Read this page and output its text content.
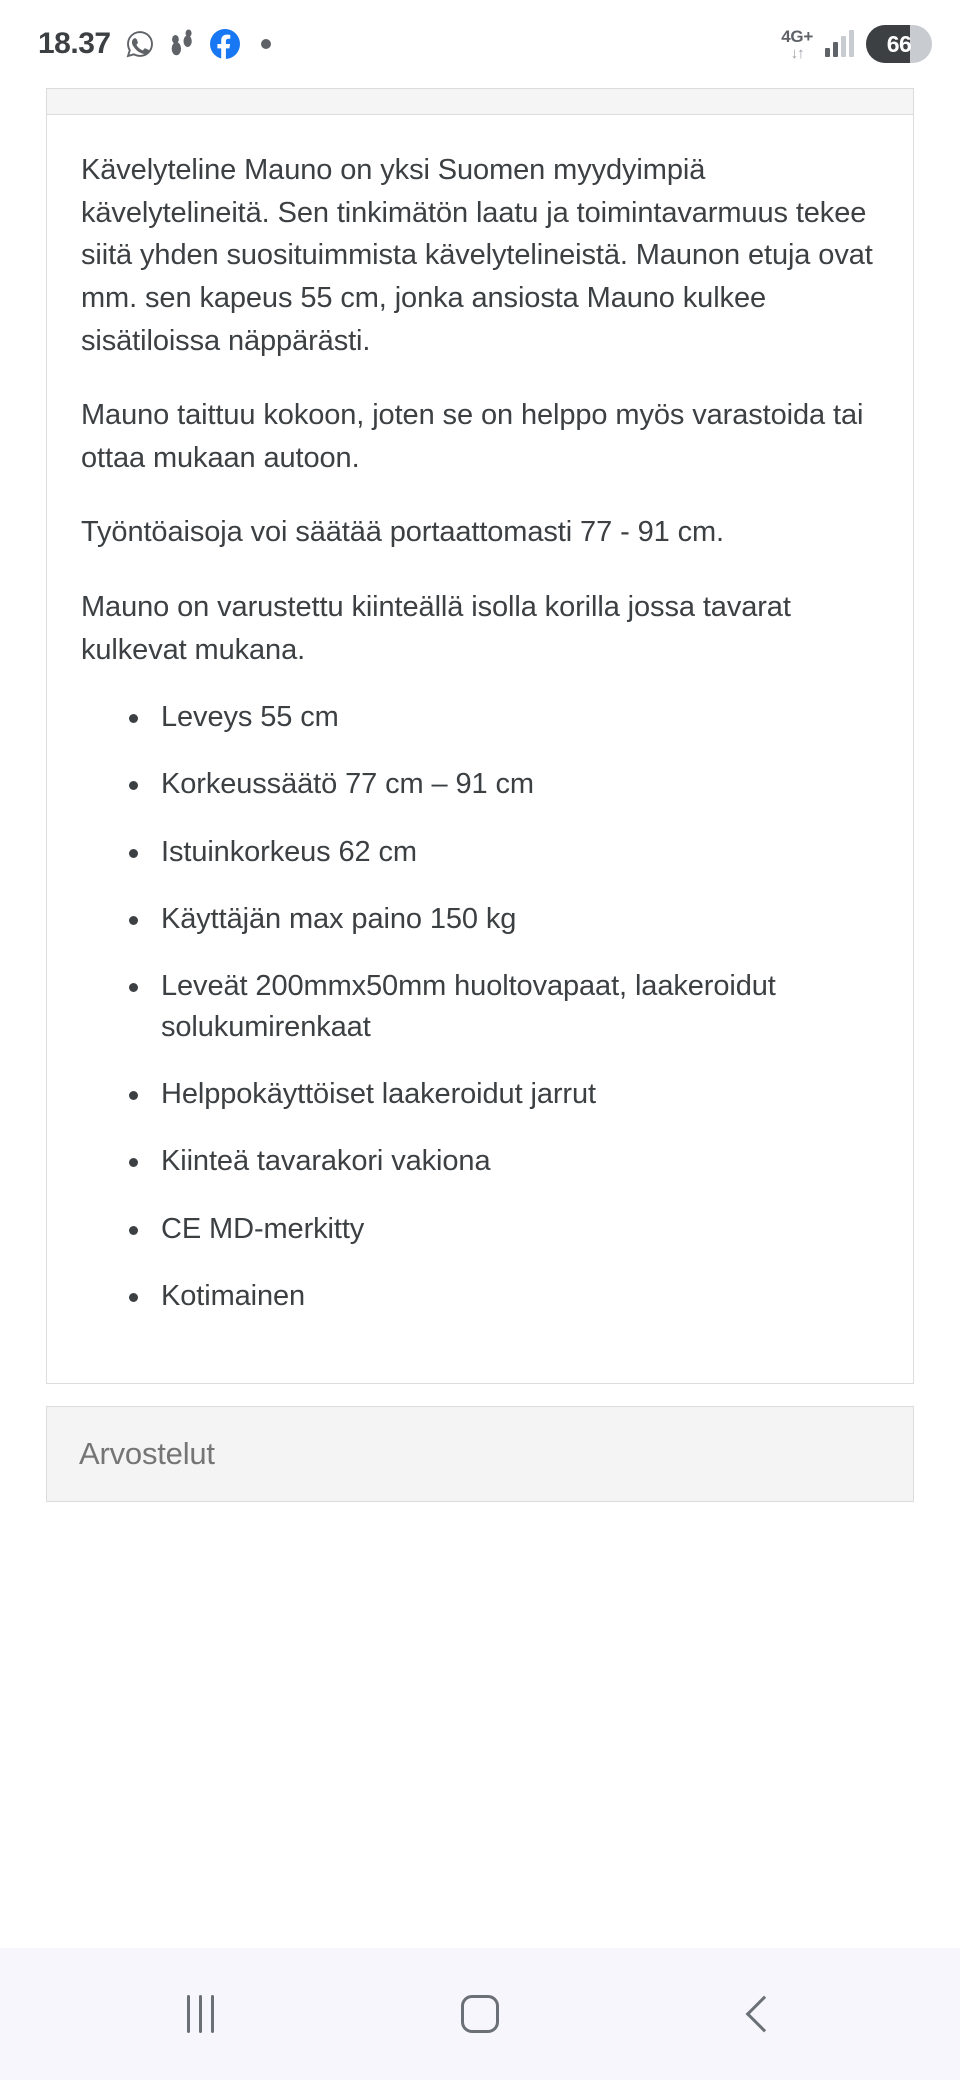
18.37	4G+
↓↑	66

Kävelyteline Mauno on yksi Suomen myydyimpiä kävelytelineitä. Sen tinkimätön laatu ja toimintavarmuus tekee siitä yhden suosituimmista kävelytelineistä. Maunon etuja ovat mm. sen kapeus 55 cm, jonka ansiosta Mauno kulkee sisätiloissa näppärästi.

Mauno taittuu kokoon, joten se on helppo myös varastoida tai ottaa mukaan autoon.

Työntöaisoja voi säätää portaattomasti 77 - 91 cm.

Mauno on varustettu kiinteällä isolla korilla jossa tavarat kulkevat mukana.

Leveys 55 cm
Korkeussäätö 77 cm – 91 cm
Istuinkorkeus 62 cm
Käyttäjän max paino 150 kg
Leveät 200mmx50mm huoltovapaat, laakeroidut solukumirenkaat
Helppokäyttöiset laakeroidut jarrut
Kiinteä tavarakori vakiona
CE MD-merkitty
Kotimainen
Arvostelut
